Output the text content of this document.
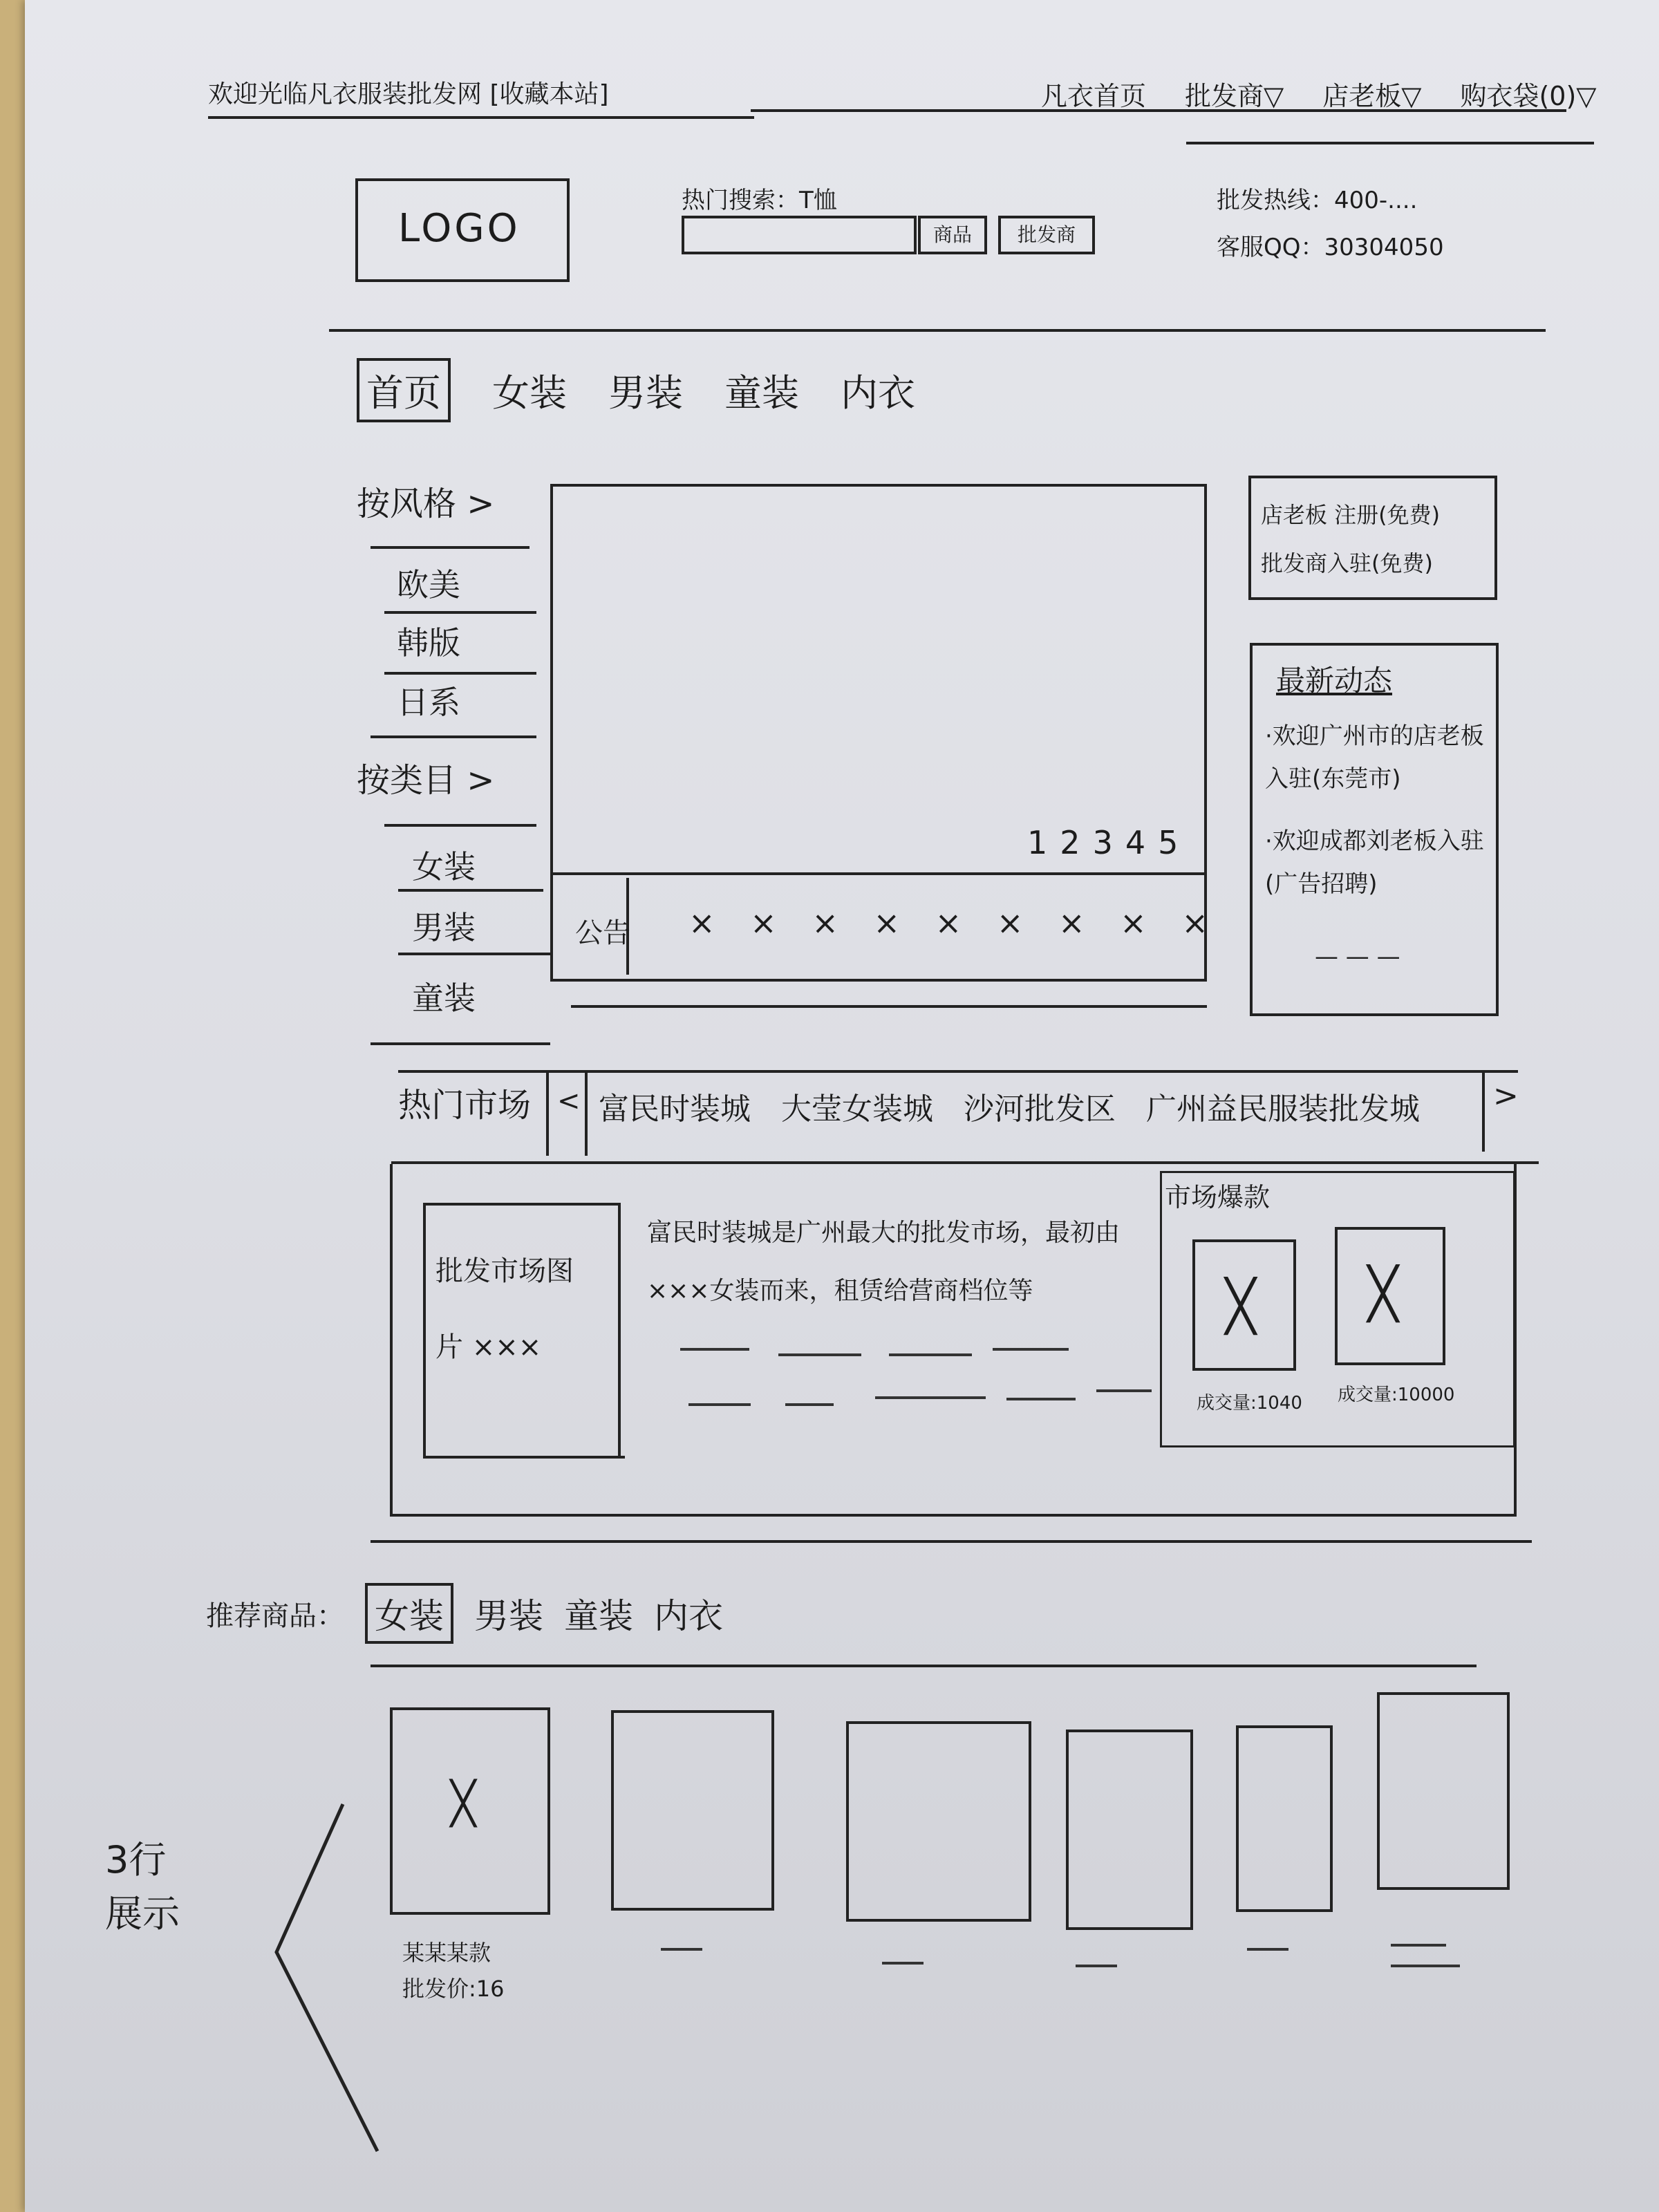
欢迎光临凡衣服装批发网 [收藏本站]	凡衣首页 批发商▽ 店老板▽ 购衣袋(0)▽
LOGO
热门搜索：T恤
商品	批发商
批发热线：400-....
客服QQ：30304050
首页 女装 男装 童装 内衣
按风格 >
欧美
韩版
日系
按类目 >
女装
男装
童装
1 2 3 4 5
公告 × × × × × × × × ×
店老板 注册(免费)
批发商入驻(免费)
最新动态
·欢迎广州市的店老板入驻(东莞市)
·欢迎成都刘老板入驻(广告招聘)
— — —
热门市场 < 富民时装城 大莹女装城 沙河批发区 广州益民服装批发城 >
批发市场图片 ×××
富民时装城是广州最大的批发市场，最初由×××女装而来，租赁给营商档位等
市场爆款
╳
成交量:1040
╳
成交量:10000
推荐商品： 女装 男装 童装 内衣
╳
某某某款
批发价:16
3行 展示
